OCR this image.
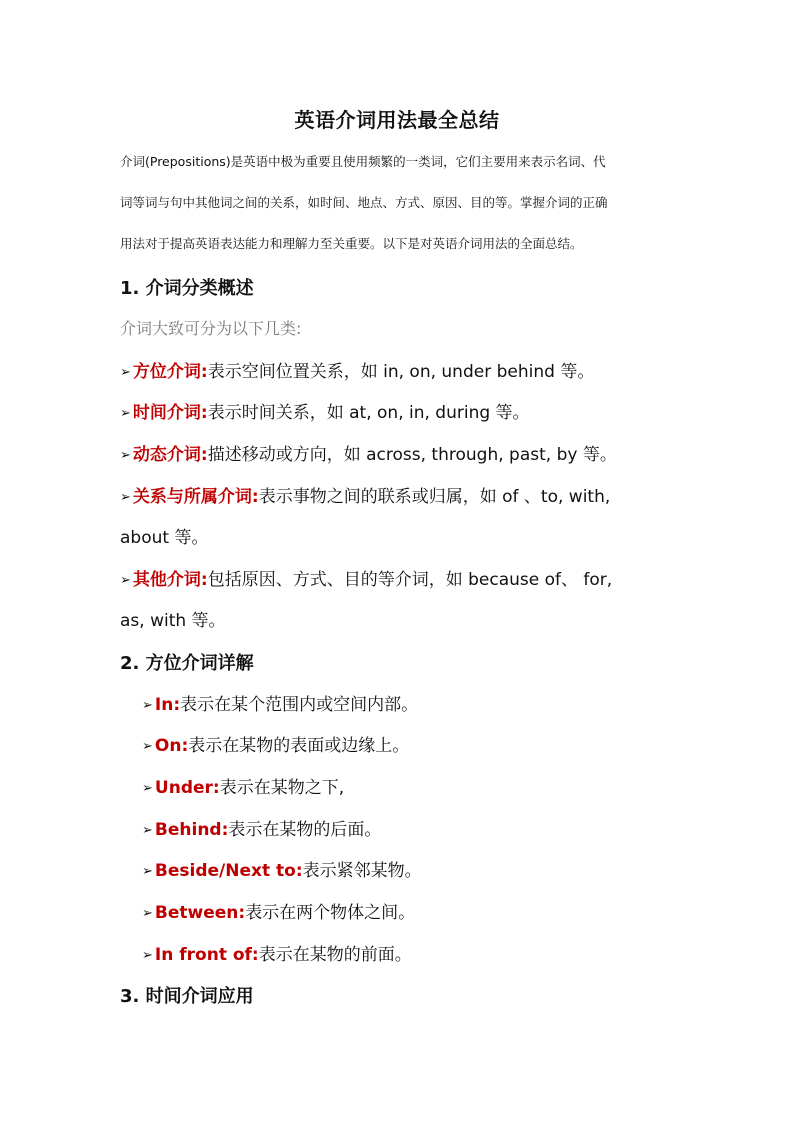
英语介词用法最全总结
介词(Prepositions)是英语中极为重要且使用频繁的一类词，它们主要用来表示名词、代
词等词与句中其他词之间的关系，如时间、地点、方式、原因、目的等。掌握介词的正确
用法对于提高英语表达能力和理解力至关重要。以下是对英语介词用法的全面总结。
1. 介词分类概述
介词大致可分为以下几类:
➢ 方位介词:表示空间位置关系，如 in, on, under behind 等。
➢ 时间介词:表示时间关系，如 at, on, in, during 等。
➢ 动态介词:描述移动或方向，如 across, through, past, by 等。
➢ 关系与所属介词:表示事物之间的联系或归属，如 of 、to, with,
about 等。
➢ 其他介词:包括原因、方式、目的等介词，如 because of、 for,
as, with 等。
2. 方位介词详解
➢ In:表示在某个范围内或空间内部。
➢ On:表示在某物的表面或边缘上。
➢ Under:表示在某物之下,
➢ Behind:表示在某物的后面。
➢ Beside/Next to:表示紧邻某物。
➢ Between:表示在两个物体之间。
➢ In front of:表示在某物的前面。
3. 时间介词应用
